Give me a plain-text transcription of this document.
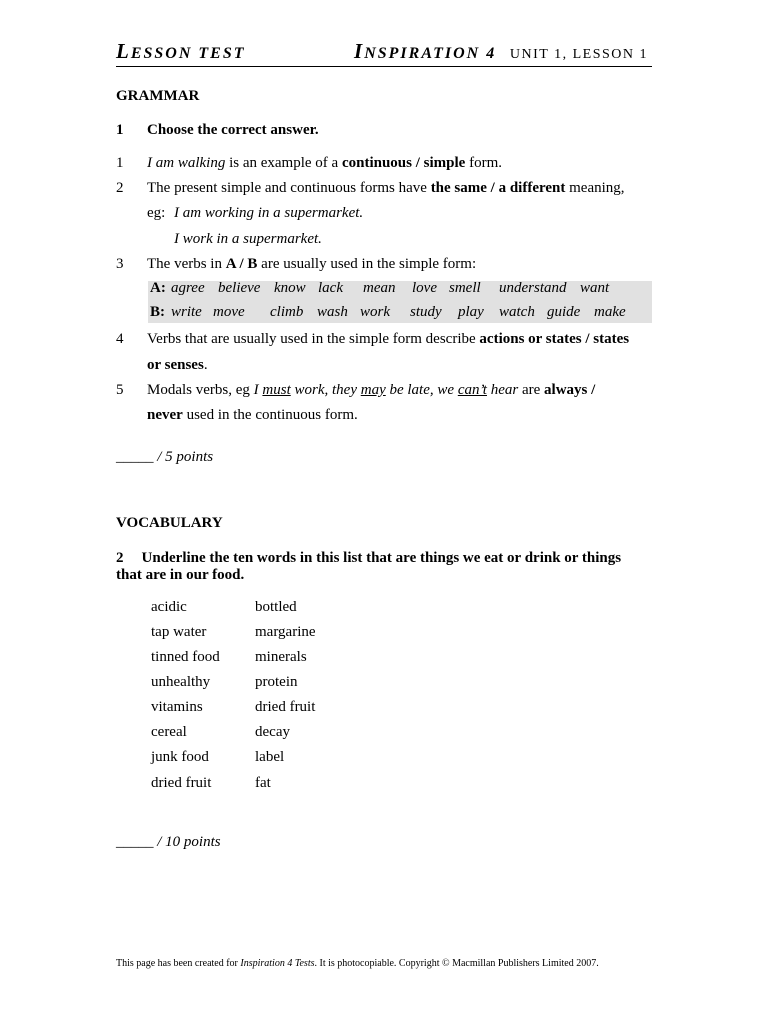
LESSON TEST	INSPIRATION 4 UNIT 1, LESSON 1
GRAMMAR
1 Choose the correct answer.
1 I am walking is an example of a continuous / simple form.
2 The present simple and continuous forms have the same / a different meaning,
eg: I am working in a supermarket.
I work in a supermarket.
3 The verbs in A / B are usually used in the simple form:
A: agree believe know lack mean love smell understand want
B: write move climb wash work study play watch guide make
4 Verbs that are usually used in the simple form describe actions or states / states
or senses.
5 Modals verbs, eg I must work, they may be late, we can’t hear are always /
never used in the continuous form.
_____ / 5 points
VOCABULARY
2 Underline the ten words in this list that are things we eat or drink or things
that are in our food.
acidic
tap water
tinned food
unhealthy
vitamins
cereal
junk food
dried fruit
bottled
margarine
minerals
protein
dried fruit
decay
label
fat
_____ / 10 points
This page has been created for Inspiration 4 Tests. It is photocopiable. Copyright © Macmillan Publishers Limited 2007.
